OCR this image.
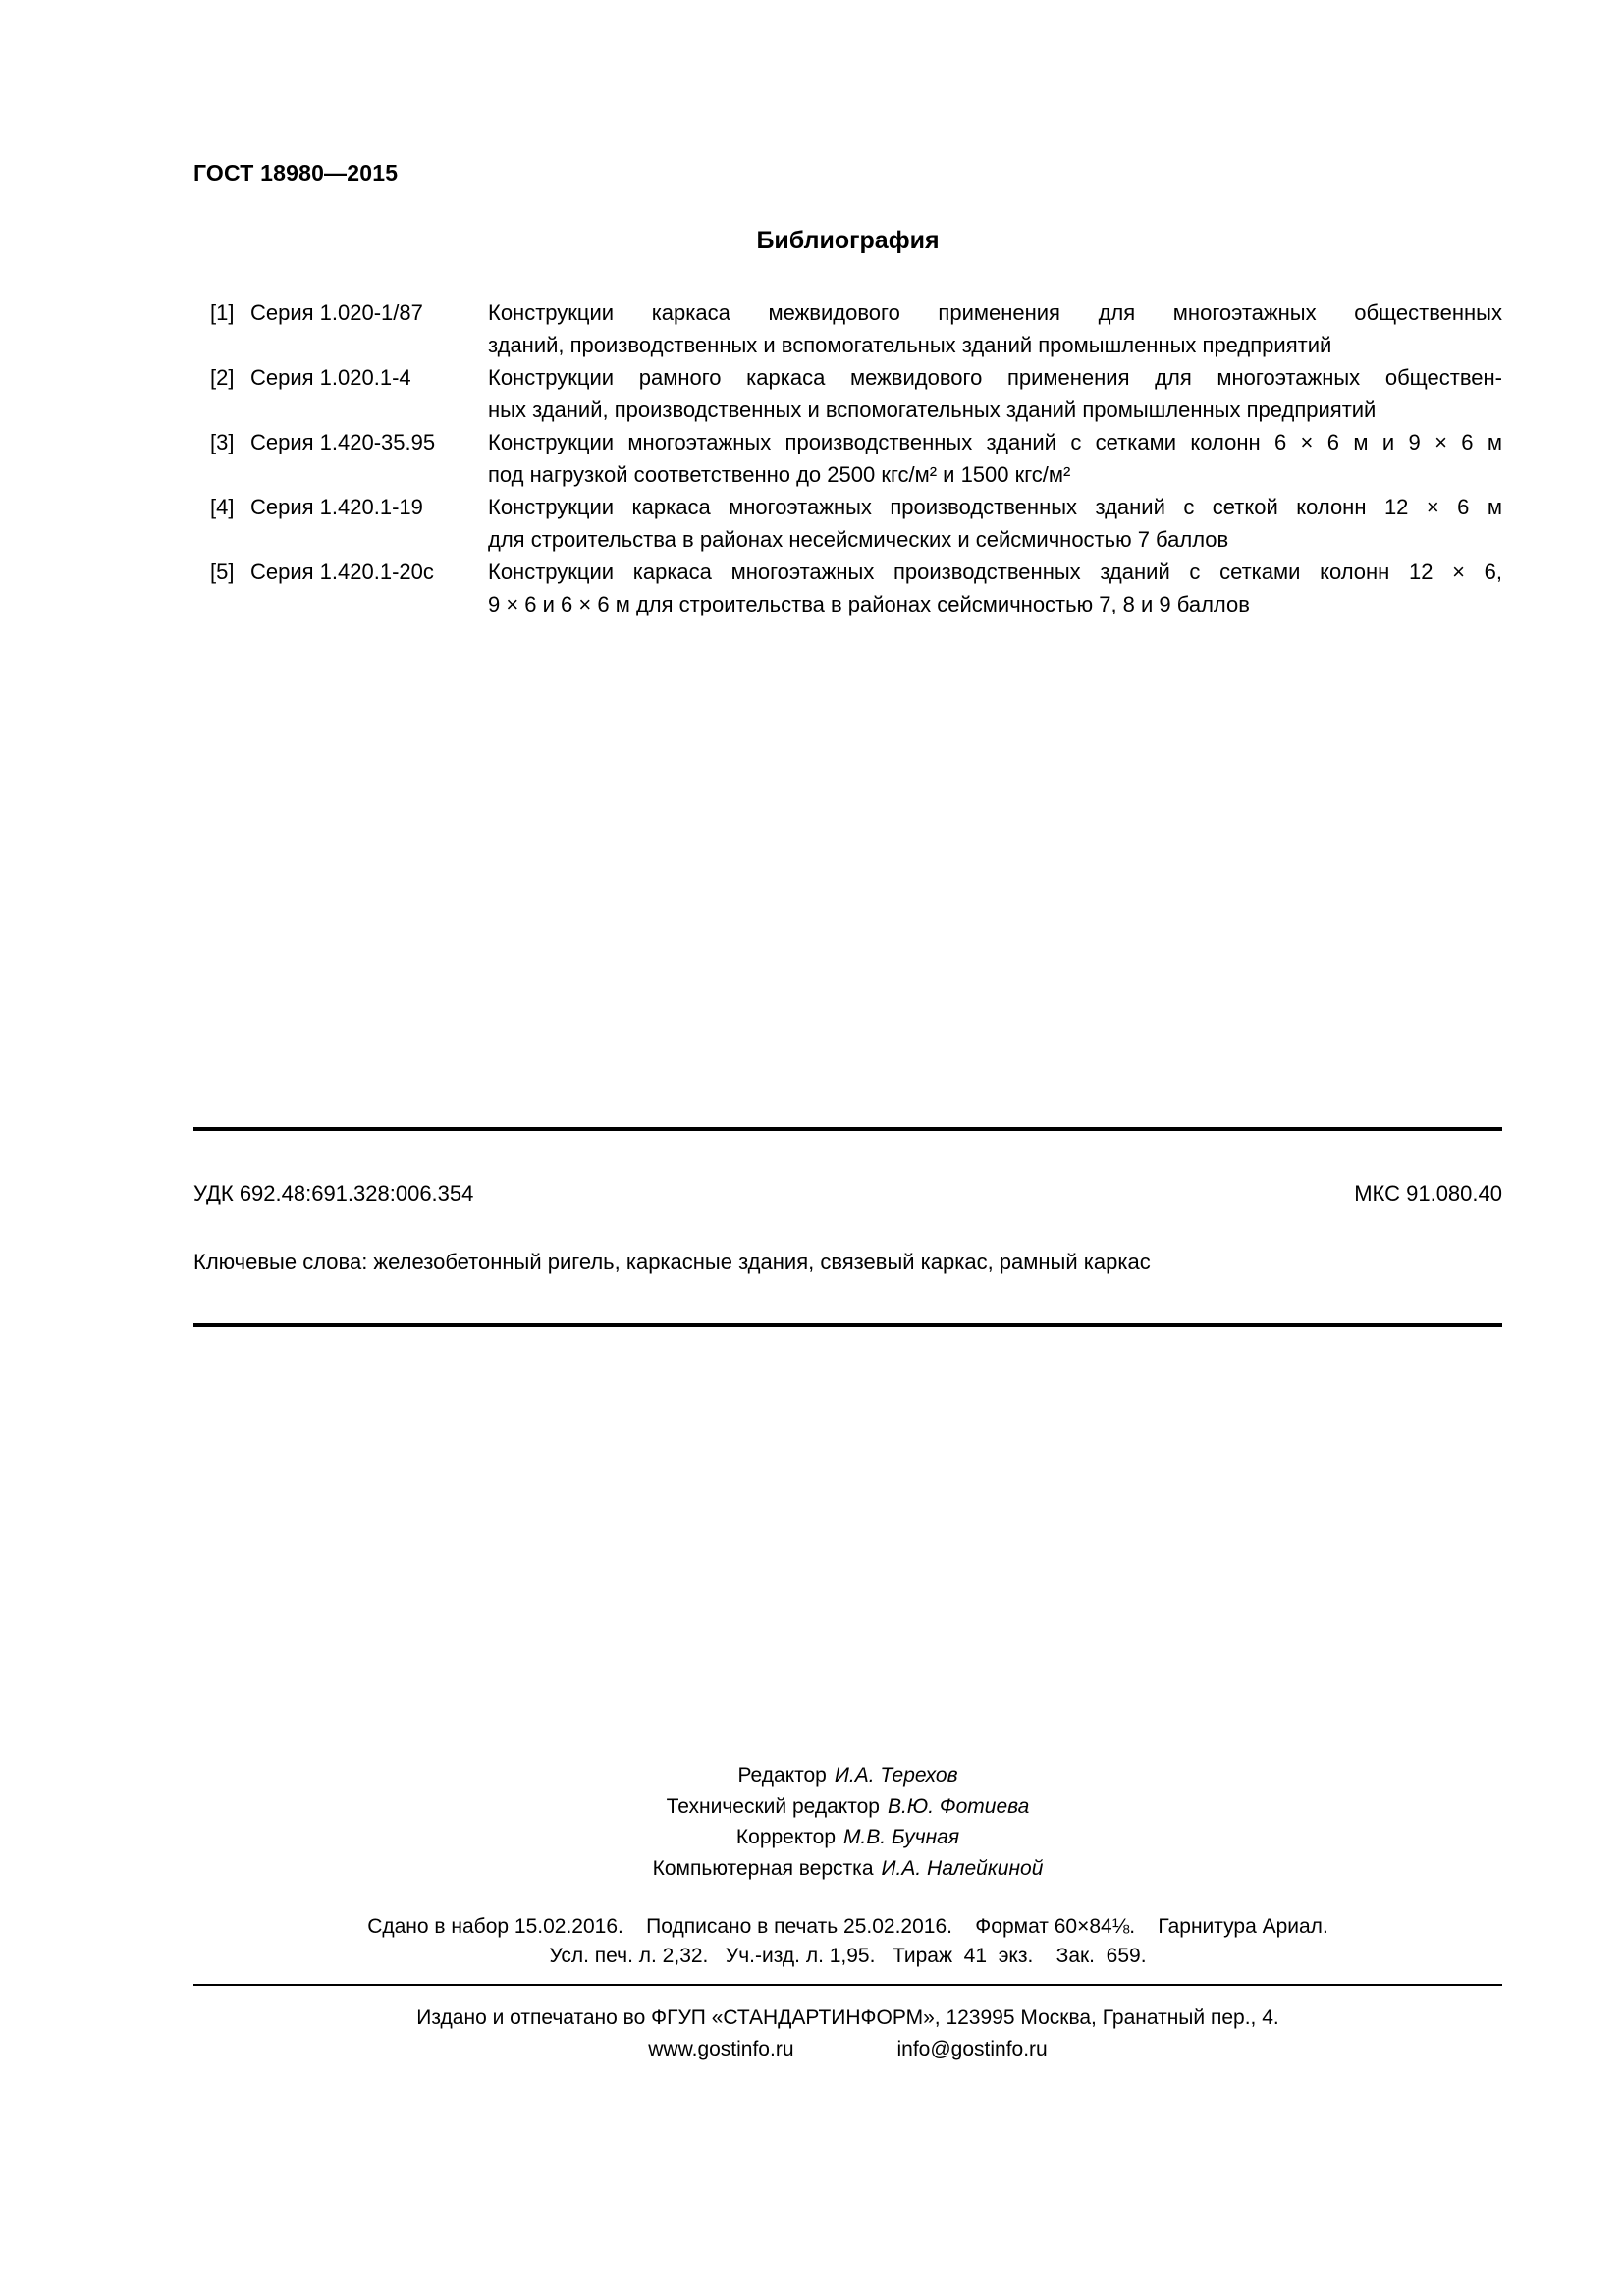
ГОСТ 18980—2015
Библиография
[1] Серия 1.020-1/87	Конструкции каркаса межвидового применения для многоэтажных общественных
зданий, производственных и вспомогательных зданий промышленных предприятий
[2] Серия 1.020.1-4	Конструкции рамного каркаса межвидового применения для многоэтажных обществен-
ных зданий, производственных и вспомогательных зданий промышленных предприятий
[3] Серия 1.420-35.95	Конструкции многоэтажных производственных зданий с сетками колонн 6 × 6 м и 9 × 6 м
под нагрузкой соответственно до 2500 кгс/м² и 1500 кгс/м²
[4] Серия 1.420.1-19	Конструкции каркаса многоэтажных производственных зданий с сеткой колонн 12 × 6 м
для строительства в районах несейсмических и сейсмичностью 7 баллов
[5] Серия 1.420.1-20с	Конструкции каркаса многоэтажных производственных зданий с сетками колонн 12 × 6,
9 × 6 и 6 × 6 м для строительства в районах сейсмичностью 7, 8 и 9 баллов
УДК 692.48:691.328:006.354	МКС 91.080.40
Ключевые слова: железобетонный ригель, каркасные здания, связевый каркас, рамный каркас
Редактор И.А. Терехов
Технический редактор В.Ю. Фотиева
Корректор М.В. Бучная
Компьютерная верстка И.А. Налейкиной
Сдано в набор 15.02.2016.    Подписано в печать 25.02.2016.    Формат 60×84⅛.    Гарнитура Ариал.
Усл. печ. л. 2,32.   Уч.-изд. л. 1,95.   Тираж  41  экз.    Зак.  659.
Издано и отпечатано во ФГУП «СТАНДАРТИНФОРМ», 123995 Москва, Гранатный пер., 4.
www.gostinfo.ru	info@gostinfo.ru
